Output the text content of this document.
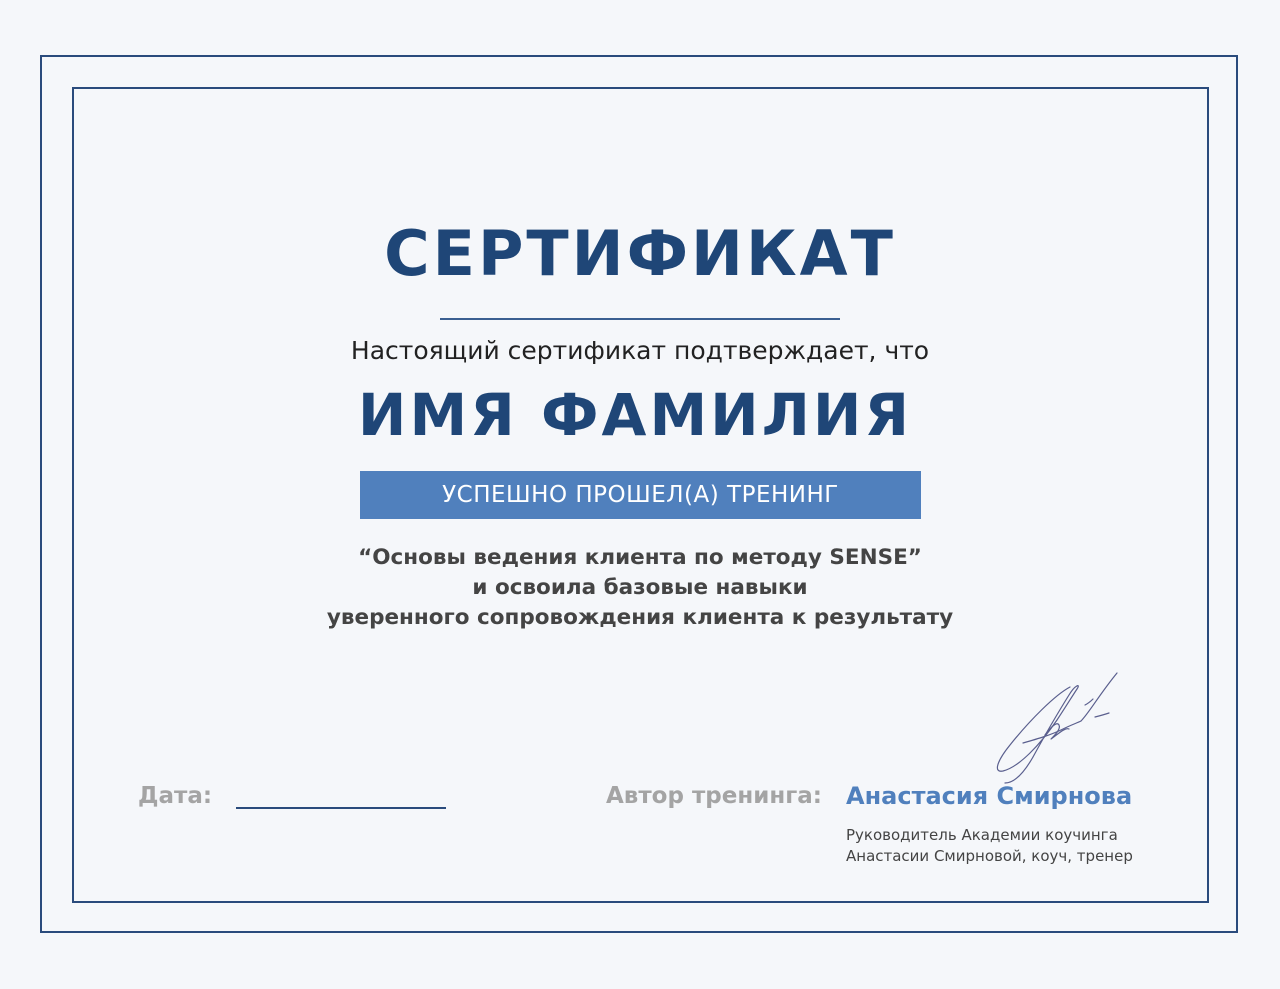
СЕРТИФИКАТ
Настоящий сертификат подтверждает, что
ИМЯ ФАМИЛИЯ
УСПЕШНО ПРОШЕЛ(А) ТРЕНИНГ
“Основы ведения клиента по методу SENSE”
и освоила базовые навыки
уверенного сопровождения клиента к результату
Дата:	Автор тренинга: Анастасия Смирнова
Руководитель Академии коучинга
Анастасии Смирновой, коуч, тренер
